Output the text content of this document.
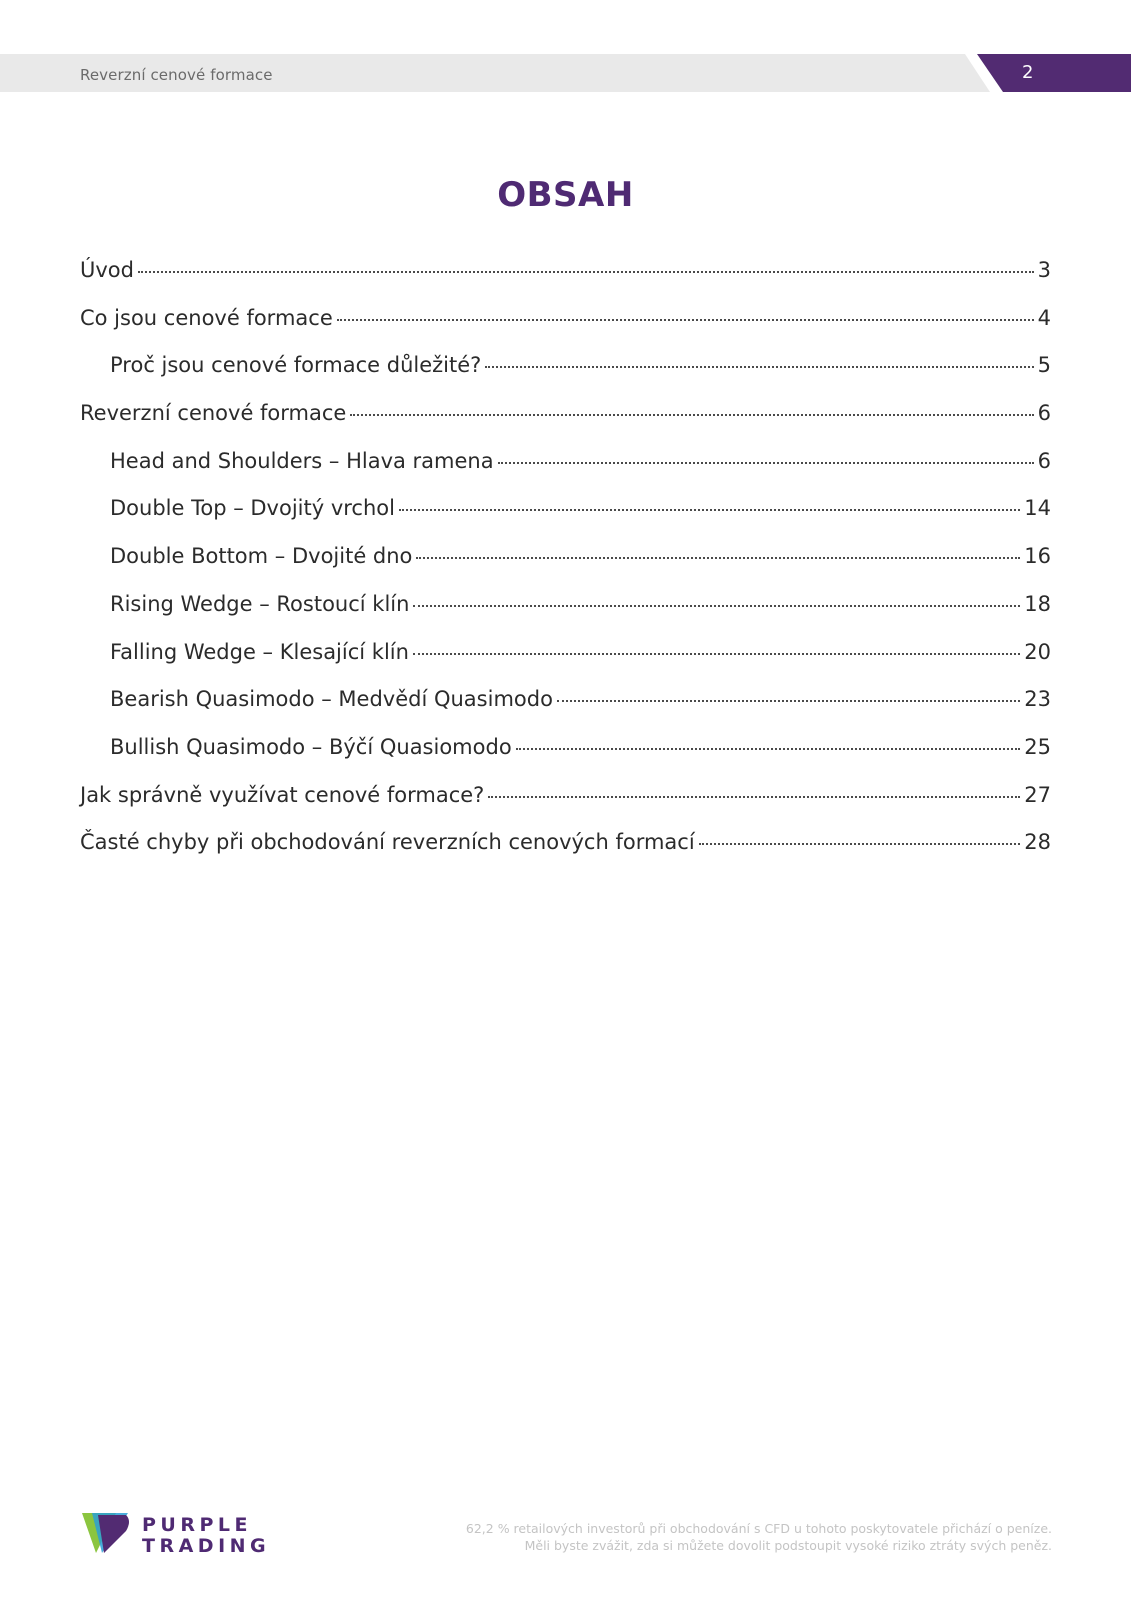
Reverzní cenové formace	2
OBSAH
Úvod	3
Co jsou cenové formace	4
Proč jsou cenové formace důležité?	5
Reverzní cenové formace	6
Head and Shoulders – Hlava ramena	6
Double Top – Dvojitý vrchol	14
Double Bottom – Dvojité dno	16
Rising Wedge – Rostoucí klín	18
Falling Wedge – Klesající klín	20
Bearish Quasimodo – Medvědí Quasimodo	23
Bullish Quasimodo – Býčí Quasiomodo	25
Jak správně využívat cenové formace?	27
Časté chyby při obchodování reverzních cenových formací	28
PURPLE
TRADING
62,2 % retailových investorů při obchodování s CFD u tohoto poskytovatele přichází o peníze.
Měli byste zvážit, zda si můžete dovolit podstoupit vysoké riziko ztráty svých peněz.
